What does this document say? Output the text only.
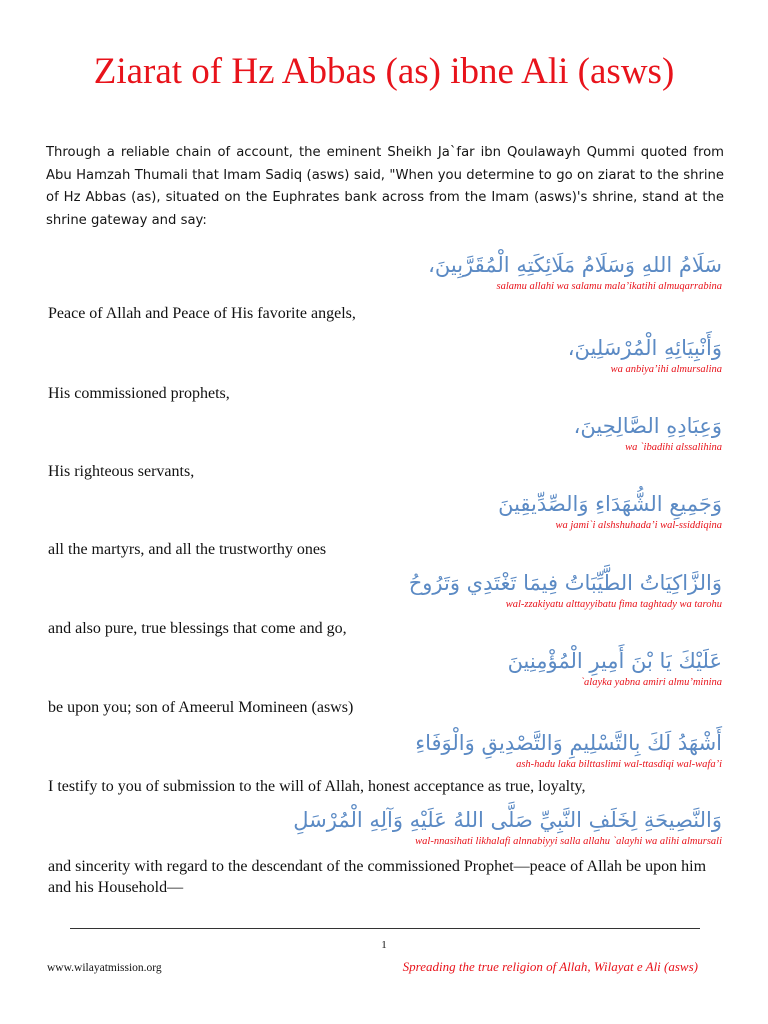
Ziarat of Hz Abbas (as) ibne Ali (asws)

Through a reliable chain of account, the eminent Sheikh Ja`far ibn Qoulawayh Qummi quoted from Abu Hamzah Thumali that Imam Sadiq (asws) said, "When you determine to go on ziarat to the shrine of Hz Abbas (as), situated on the Euphrates bank across from the Imam (asws)'s shrine, stand at the shrine gateway and say:

سَلَامُ اللهِ وَسَلَامُ مَلَائِكَتِهِ الْمُقَرَّبِينَ،
salamu allahi wa salamu mala’ikatihi almuqarrabina
Peace of Allah and Peace of His favorite angels,
وَأَنْبِيَائِهِ الْمُرْسَلِينَ،
wa anbiya’ihi almursalina
His commissioned prophets,
وَعِبَادِهِ الصَّالِحِينَ،
wa `ibadihi alssalihina
His righteous servants,
وَجَمِيعِ الشُّهَدَاءِ وَالصِّدِّيقِينَ
wa jami`i alshshuhada’i wal-ssiddiqina
all the martyrs, and all the trustworthy ones
وَالزَّاكِيَاتُ الطَّيِّبَاتُ فِيمَا تَغْتَدِي وَتَرُوحُ
wal-zzakiyatu alttayyibatu fima taghtady wa tarohu
and also pure, true blessings that come and go,
عَلَيْكَ يَا بْنَ أَمِيرِ الْمُؤْمِنِينَ
`alayka yabna amiri almu’minina
be upon you; son of Ameerul Momineen (asws)
أَشْهَدُ لَكَ بِالتَّسْلِيمِ وَالتَّصْدِيقِ وَالْوَفَاءِ
ash-hadu laka bilttaslimi wal-ttasdiqi wal-wafa’i
I testify to you of submission to the will of Allah, honest acceptance as true, loyalty,
وَالنَّصِيحَةِ لِخَلَفِ النَّبِيِّ صَلَّى اللهُ عَلَيْهِ وَآلِهِ الْمُرْسَلِ
wal-nnasihati likhalafi alnnabiyyi salla allahu `alayhi wa alihi almursali
and sincerity with regard to the descendant of the commissioned Prophet—peace of Allah be upon him and his Household—
1
www.wilayatmission.org	Spreading the true religion of Allah, Wilayat e Ali (asws)
